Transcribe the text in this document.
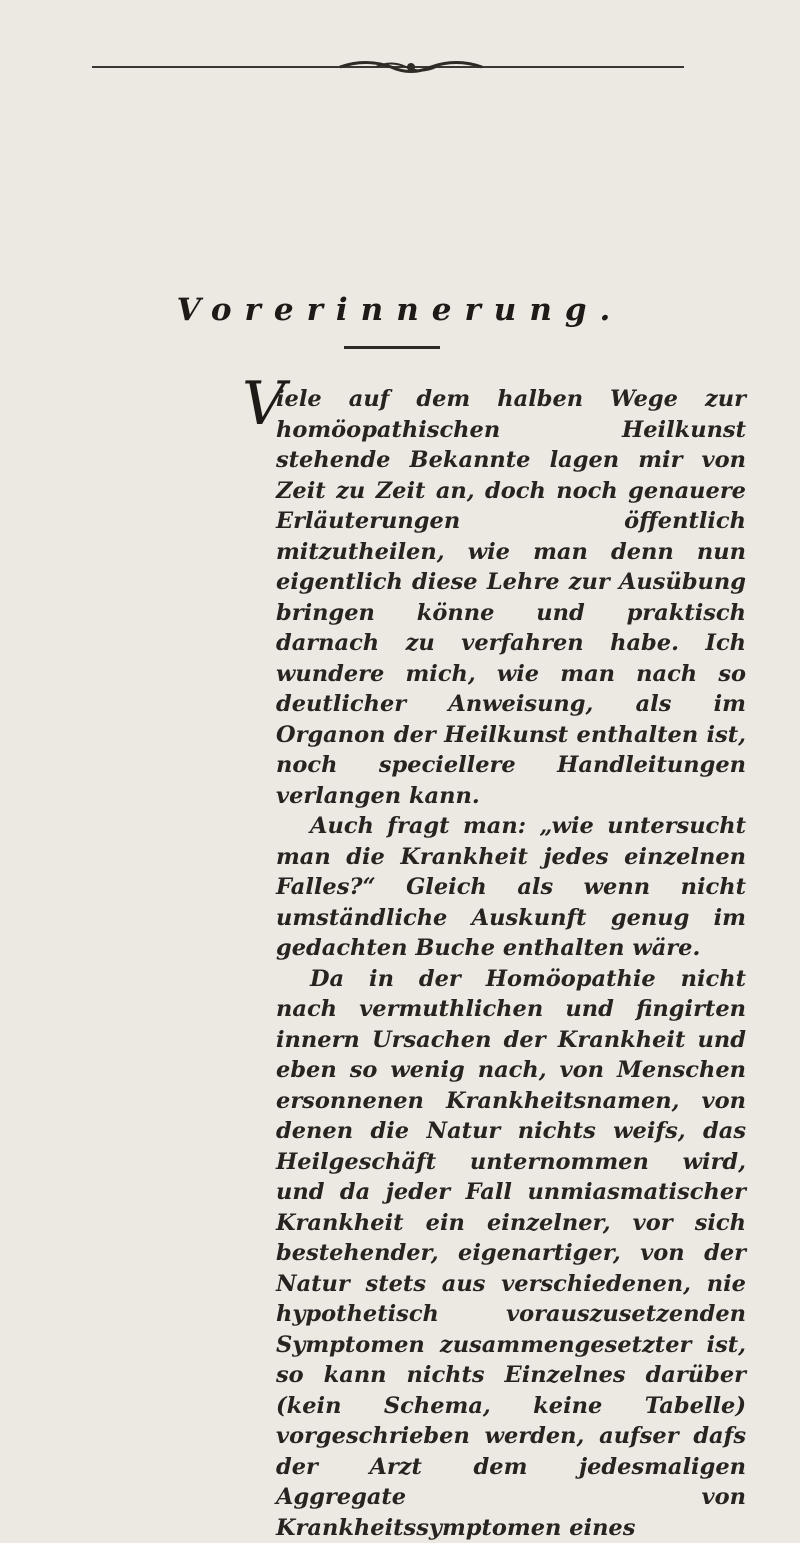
Vorerinnerung.
V

iele auf dem halben Wege zur homöopathischen Heilkunst stehende Bekannte lagen mir von Zeit zu Zeit an, doch noch genauere Erläuterungen öffentlich mitzutheilen, wie man denn nun eigentlich diese Lehre zur Ausübung bringen könne und praktisch darnach zu verfahren habe. Ich wundere mich, wie man nach so deutlicher Anweisung, als im Organon der Heilkunst enthalten ist, noch speciellere Handleitungen verlangen kann.

Auch fragt man: „wie untersucht man die Krankheit jedes einzelnen Falles?“ Gleich als wenn nicht umständliche Auskunft genug im gedachten Buche enthalten wäre.

Da in der Homöopathie nicht nach vermuthlichen und fingirten innern Ursachen der Krankheit und eben so wenig nach, von Menschen ersonnenen Krankheitsnamen, von denen die Natur nichts weifs, das Heilgeschäft unternommen wird, und da jeder Fall unmiasmatischer Krankheit ein einzelner, vor sich bestehender, eigenartiger, von der Natur stets aus verschiedenen, nie hypothetisch vorauszusetzenden Symptomen zusammengesetzter ist, so kann nichts Einzelnes darüber (kein Schema, keine Tabelle) vorgeschrieben werden, aufser dafs der Arzt dem jedesmaligen Aggregate von Krankheitssymptomen eines
